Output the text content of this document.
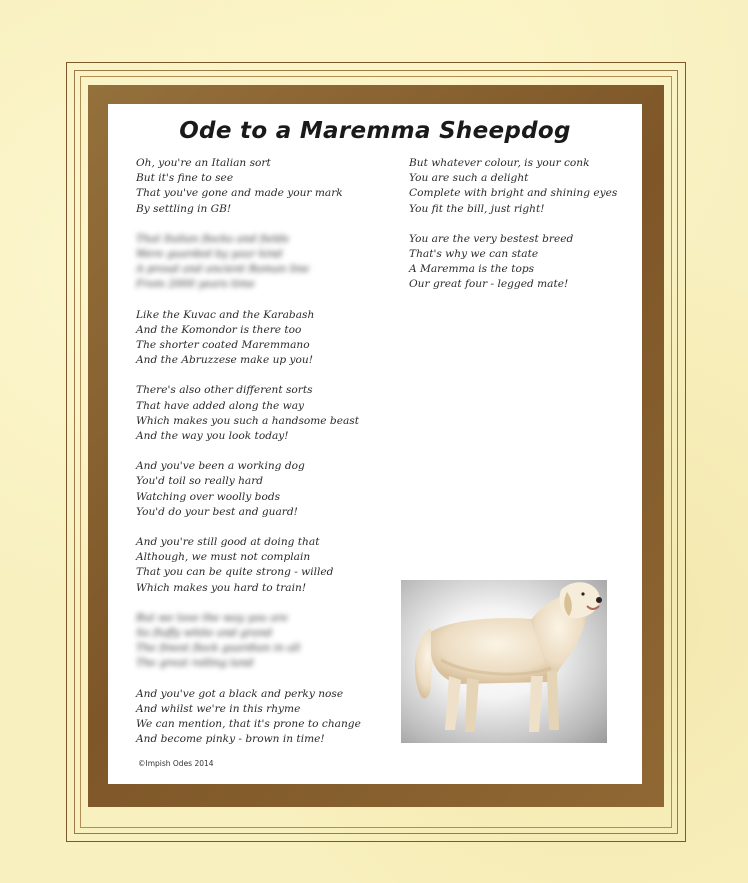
Ode to a Maremma Sheepdog
Oh, you're an Italian sort
But it's fine to see
That you've gone and made your mark
By settling in GB!
That Italian flocks and fields
Were guarded by your kind
A proud and ancient Roman line
From 2000 years time
Like the Kuvac and the Karabash
And the Komondor is there too
The shorter coated Maremmano
And the Abruzzese make up you!
There's also other different sorts
That have added along the way
Which makes you such a handsome beast
And the way you look today!
And you've been a working dog
You'd toil so really hard
Watching over woolly bods
You'd do your best and guard!
And you're still good at doing that
Although, we must not complain
That you can be quite strong - willed
Which makes you hard to train!
But we love the way you are
So fluffy white and grand
The finest flock guardian in all
The great rolling land
And you've got a black and perky nose
And whilst we're in this rhyme
We can mention, that it's prone to change
And become pinky - brown in time!
But whatever colour, is your conk
You are such a delight
Complete with bright and shining eyes
You fit the bill, just right!
You are the very bestest breed
That's why we can state
A Maremma is the tops
Our great four - legged mate!
©Impish Odes 2014
